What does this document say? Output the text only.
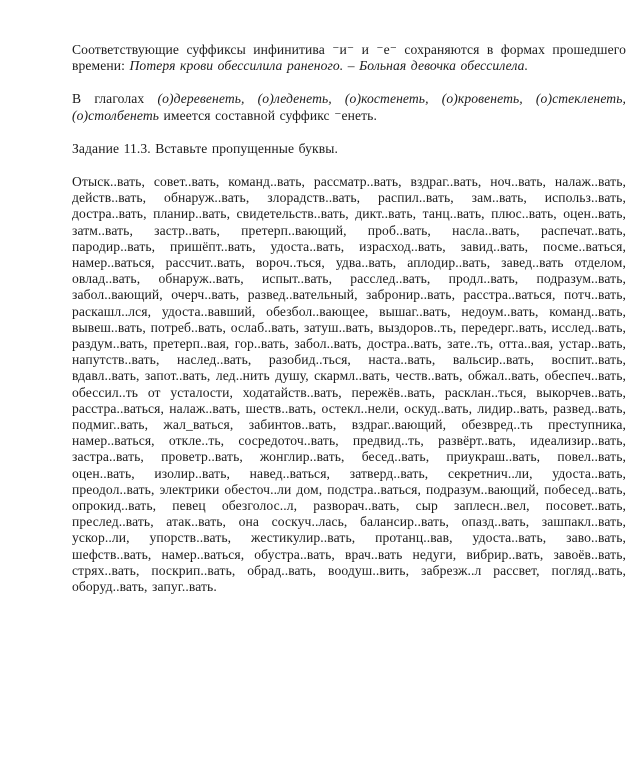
Соответствующие суффиксы инфинитива ⁻и⁻ и ⁻е⁻ сохраняются в формах прошедшего времени: Потеря крови обессилила раненого. – Больная девочка обессилела.

В глаголах (о)деревенеть, (о)леденеть, (о)костенеть, (о)кровенеть, (о)стекленеть, (о)столбенеть имеется составной суффикс ⁻енеть.

Задание 11.3. Вставьте пропущенные буквы.

Отыск..вать, совет..вать, команд..вать, рассматр..вать, вздраг..вать, ноч..вать, налаж..вать, действ..вать, обнаруж..вать, злорадств..вать, распил..вать, зам..вать, использ..вать, достра..вать, планир..вать, свидетельств..вать, дикт..вать, танц..вать, плюс..вать, оцен..вать, затм..вать, застр..вать, претерп..вающий, проб..вать, насла..вать, распечат..вать, пародир..вать, пришёпт..вать, удоста..вать, израсход..вать, завид..вать, посме..ваться, намер..ваться, рассчит..вать, вороч..ться, удва..вать, аплодир..вать, завед..вать отделом, овлад..вать, обнаруж..вать, испыт..вать, расслед..вать, продл..вать, подразум..вать, забол..вающий, очерч..вать, развед..вательный, забронир..вать, расстра..ваться, потч..вать, раскашл..лся, удоста..вавший, обезбол..вающее, вышаг..вать, недоум..вать, команд..вать, вывеш..вать, потреб..вать, ослаб..вать, затуш..вать, выздоров..ть, передерг..вать, исслед..вать, раздум..вать, претерп..вая, гор..вать, забол..вать, достра..вать, зате..ть, отта..вая, устар..вать, напутств..вать, наслед..вать, разобид..ться, наста..вать, вальсир..вать, воспит..вать, вдавл..вать, запот..вать, лед..нить душу, скармл..вать, честв..вать, обжал..вать, обеспеч..вать, обессил..ть от усталости, ходатайств..вать, пережёв..вать, расклан..ться, выкорчев..вать, расстра..ваться, налаж..вать, шеств..вать, остекл..нели, оскуд..вать, лидир..вать, развед..вать, подмиг..вать, жал_ваться, забинтов..вать, вздраг..вающий, обезвред..ть преступника, намер..ваться, откле..ть, сосредоточ..вать, предвид..ть, развёрт..вать, идеализир..вать, застра..вать, проветр..вать, жонглир..вать, бесед..вать, приукраш..вать, повел..вать, оцен..вать, изолир..вать, навед..ваться, затверд..вать, секретнич..ли, удоста..вать, преодол..вать, электрики обесточ..ли дом, подстра..ваться, подразум..вающий, побесед..вать, опрокид..вать, певец обезголос..л, разворач..вать, сыр заплесн..вел, посовет..вать, преслед..вать, атак..вать, она соскуч..лась, балансир..вать, опазд..вать, зашпакл..вать, ускор..ли, упорств..вать, жестикулир..вать, протанц..вав, удоста..вать, заво..вать, шефств..вать, намер..ваться, обустра..вать, врач..вать недуги, вибрир..вать, завоёв..вать, стрях..вать, поскрип..вать, обрад..вать, воодуш..вить, забрезж..л рассвет, погляд..вать, оборуд..вать, запуг..вать.
